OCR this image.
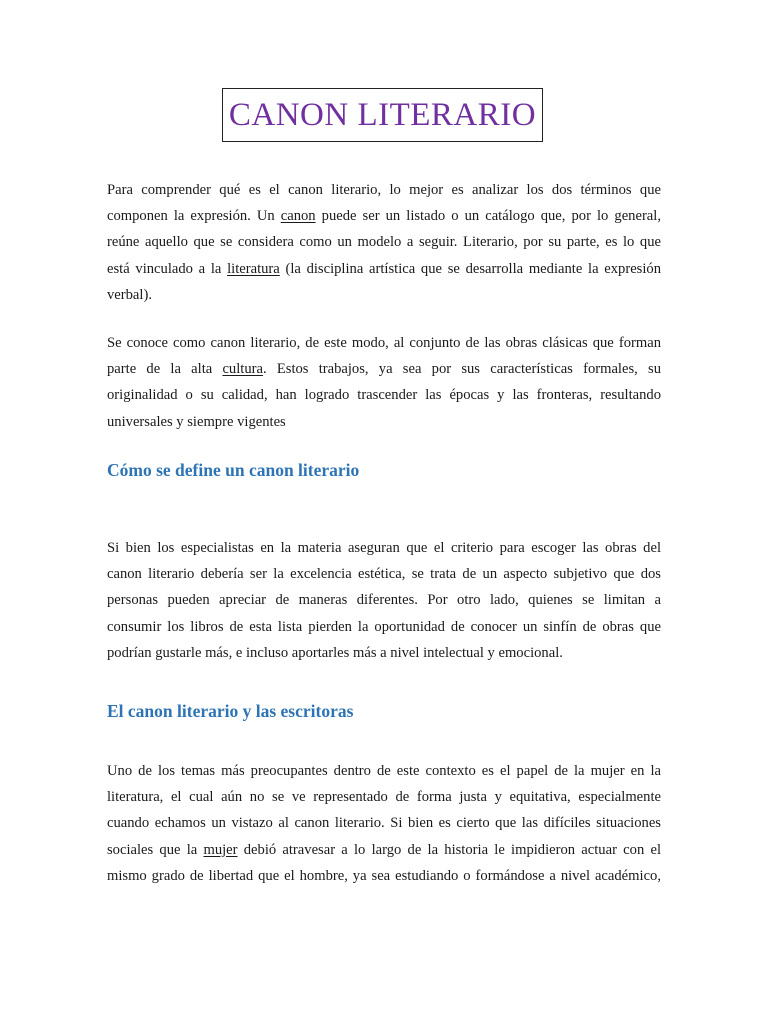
CANON LITERARIO
Para comprender qué es el canon literario, lo mejor es analizar los dos términos que
componen la expresión. Un canon puede ser un listado o un catálogo que, por lo general,
reúne aquello que se considera como un modelo a seguir. Literario, por su parte, es lo que
está vinculado a la literatura (la disciplina artística que se desarrolla mediante la expresión
verbal).
Se conoce como canon literario, de este modo, al conjunto de las obras clásicas que forman
parte de la alta cultura. Estos trabajos, ya sea por sus características formales, su
originalidad o su calidad, han logrado trascender las épocas y las fronteras, resultando
universales y siempre vigentes
Cómo se define un canon literario
Si bien los especialistas en la materia aseguran que el criterio para escoger las obras del
canon literario debería ser la excelencia estética, se trata de un aspecto subjetivo que dos
personas pueden apreciar de maneras diferentes. Por otro lado, quienes se limitan a
consumir los libros de esta lista pierden la oportunidad de conocer un sinfín de obras que
podrían gustarle más, e incluso aportarles más a nivel intelectual y emocional.
El canon literario y las escritoras
Uno de los temas más preocupantes dentro de este contexto es el papel de la mujer en la
literatura, el cual aún no se ve representado de forma justa y equitativa, especialmente
cuando echamos un vistazo al canon literario. Si bien es cierto que las difíciles situaciones
sociales que la mujer debió atravesar a lo largo de la historia le impidieron actuar con el
mismo grado de libertad que el hombre, ya sea estudiando o formándose a nivel académico,
